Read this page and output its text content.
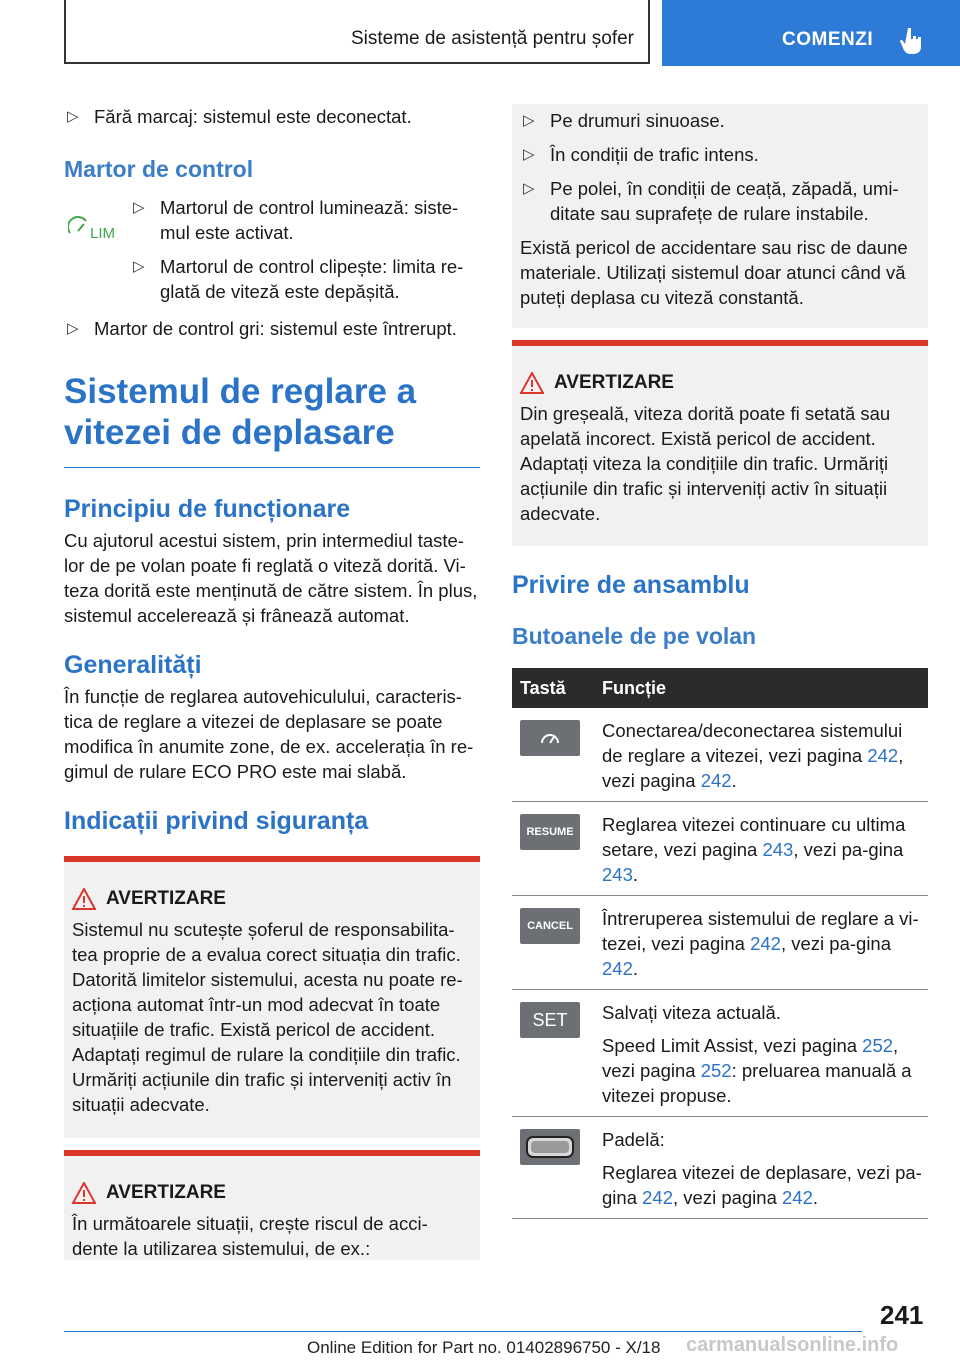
Sisteme de asistență pentru șofer	COMENZI
▷ Fără marcaj: sistemul este deconectat.
Martor de control
LIM
▷ Martorul de control luminează: siste-mul este activat.
▷ Martorul de control clipește: limita re-glată de viteză este depășită.
▷ Martor de control gri: sistemul este întrerupt.
Sistemul de reglare a vitezei de deplasare
Principiu de funcționare

Cu ajutorul acestui sistem, prin intermediul taste-lor de pe volan poate fi reglată o viteză dorită. Vi-teza dorită este menținută de către sistem. În plus, sistemul accelerează și frânează automat.

Generalități

În funcție de reglarea autovehiculului, caracteris-tica de reglare a vitezei de deplasare se poate modifica în anumite zone, de ex. accelerația în re-gimul de rulare ECO PRO este mai slabă.

Indicații privind siguranța
AVERTIZARE

Sistemul nu scutește șoferul de responsabilita-tea proprie de a evalua corect situația din trafic. Datorită limitelor sistemului, acesta nu poate re-acționa automat într-un mod adecvat în toate situațiile de trafic. Există pericol de accident. Adaptați regimul de rulare la condițiile din trafic. Urmăriți acțiunile din trafic și interveniți activ în situații adecvate.

AVERTIZARE

În următoarele situații, crește riscul de acci-dente la utilizarea sistemului, de ex.:

▷ Pe drumuri sinuoase.
▷ În condiții de trafic intens.
▷ Pe polei, în condiții de ceață, zăpadă, umi-ditate sau suprafețe de rulare instabile.

Există pericol de accidentare sau risc de daune materiale. Utilizați sistemul doar atunci când vă puteți deplasa cu viteză constantă.

AVERTIZARE

Din greșeală, viteza dorită poate fi setată sau apelată incorect. Există pericol de accident. Adaptați viteza la condițiile din trafic. Urmăriți acțiunile din trafic și interveniți activ în situații adecvate.

Privire de ansamblu
Butoanele de pe volan
Tastă	Funcție

	Conectarea/deconectarea sistemului de reglare a vitezei, vezi pagina 242, vezi pagina 242.

RESUME	Reglarea vitezei continuare cu ultima setare, vezi pagina 243, vezi pa-gina 243.

CANCEL	Întreruperea sistemului de reglare a vi-tezei, vezi pagina 242, vezi pa-gina 242.

SET	Salvați viteza actuală.
Speed Limit Assist, vezi pagina 252, vezi pagina 252: preluarea manuală a vitezei propuse.

Padelă:
Reglarea vitezei de deplasare, vezi pa-gina 242, vezi pagina 242.
241
Online Edition for Part no. 01402896750 - X/18 carmanualsonline.info
